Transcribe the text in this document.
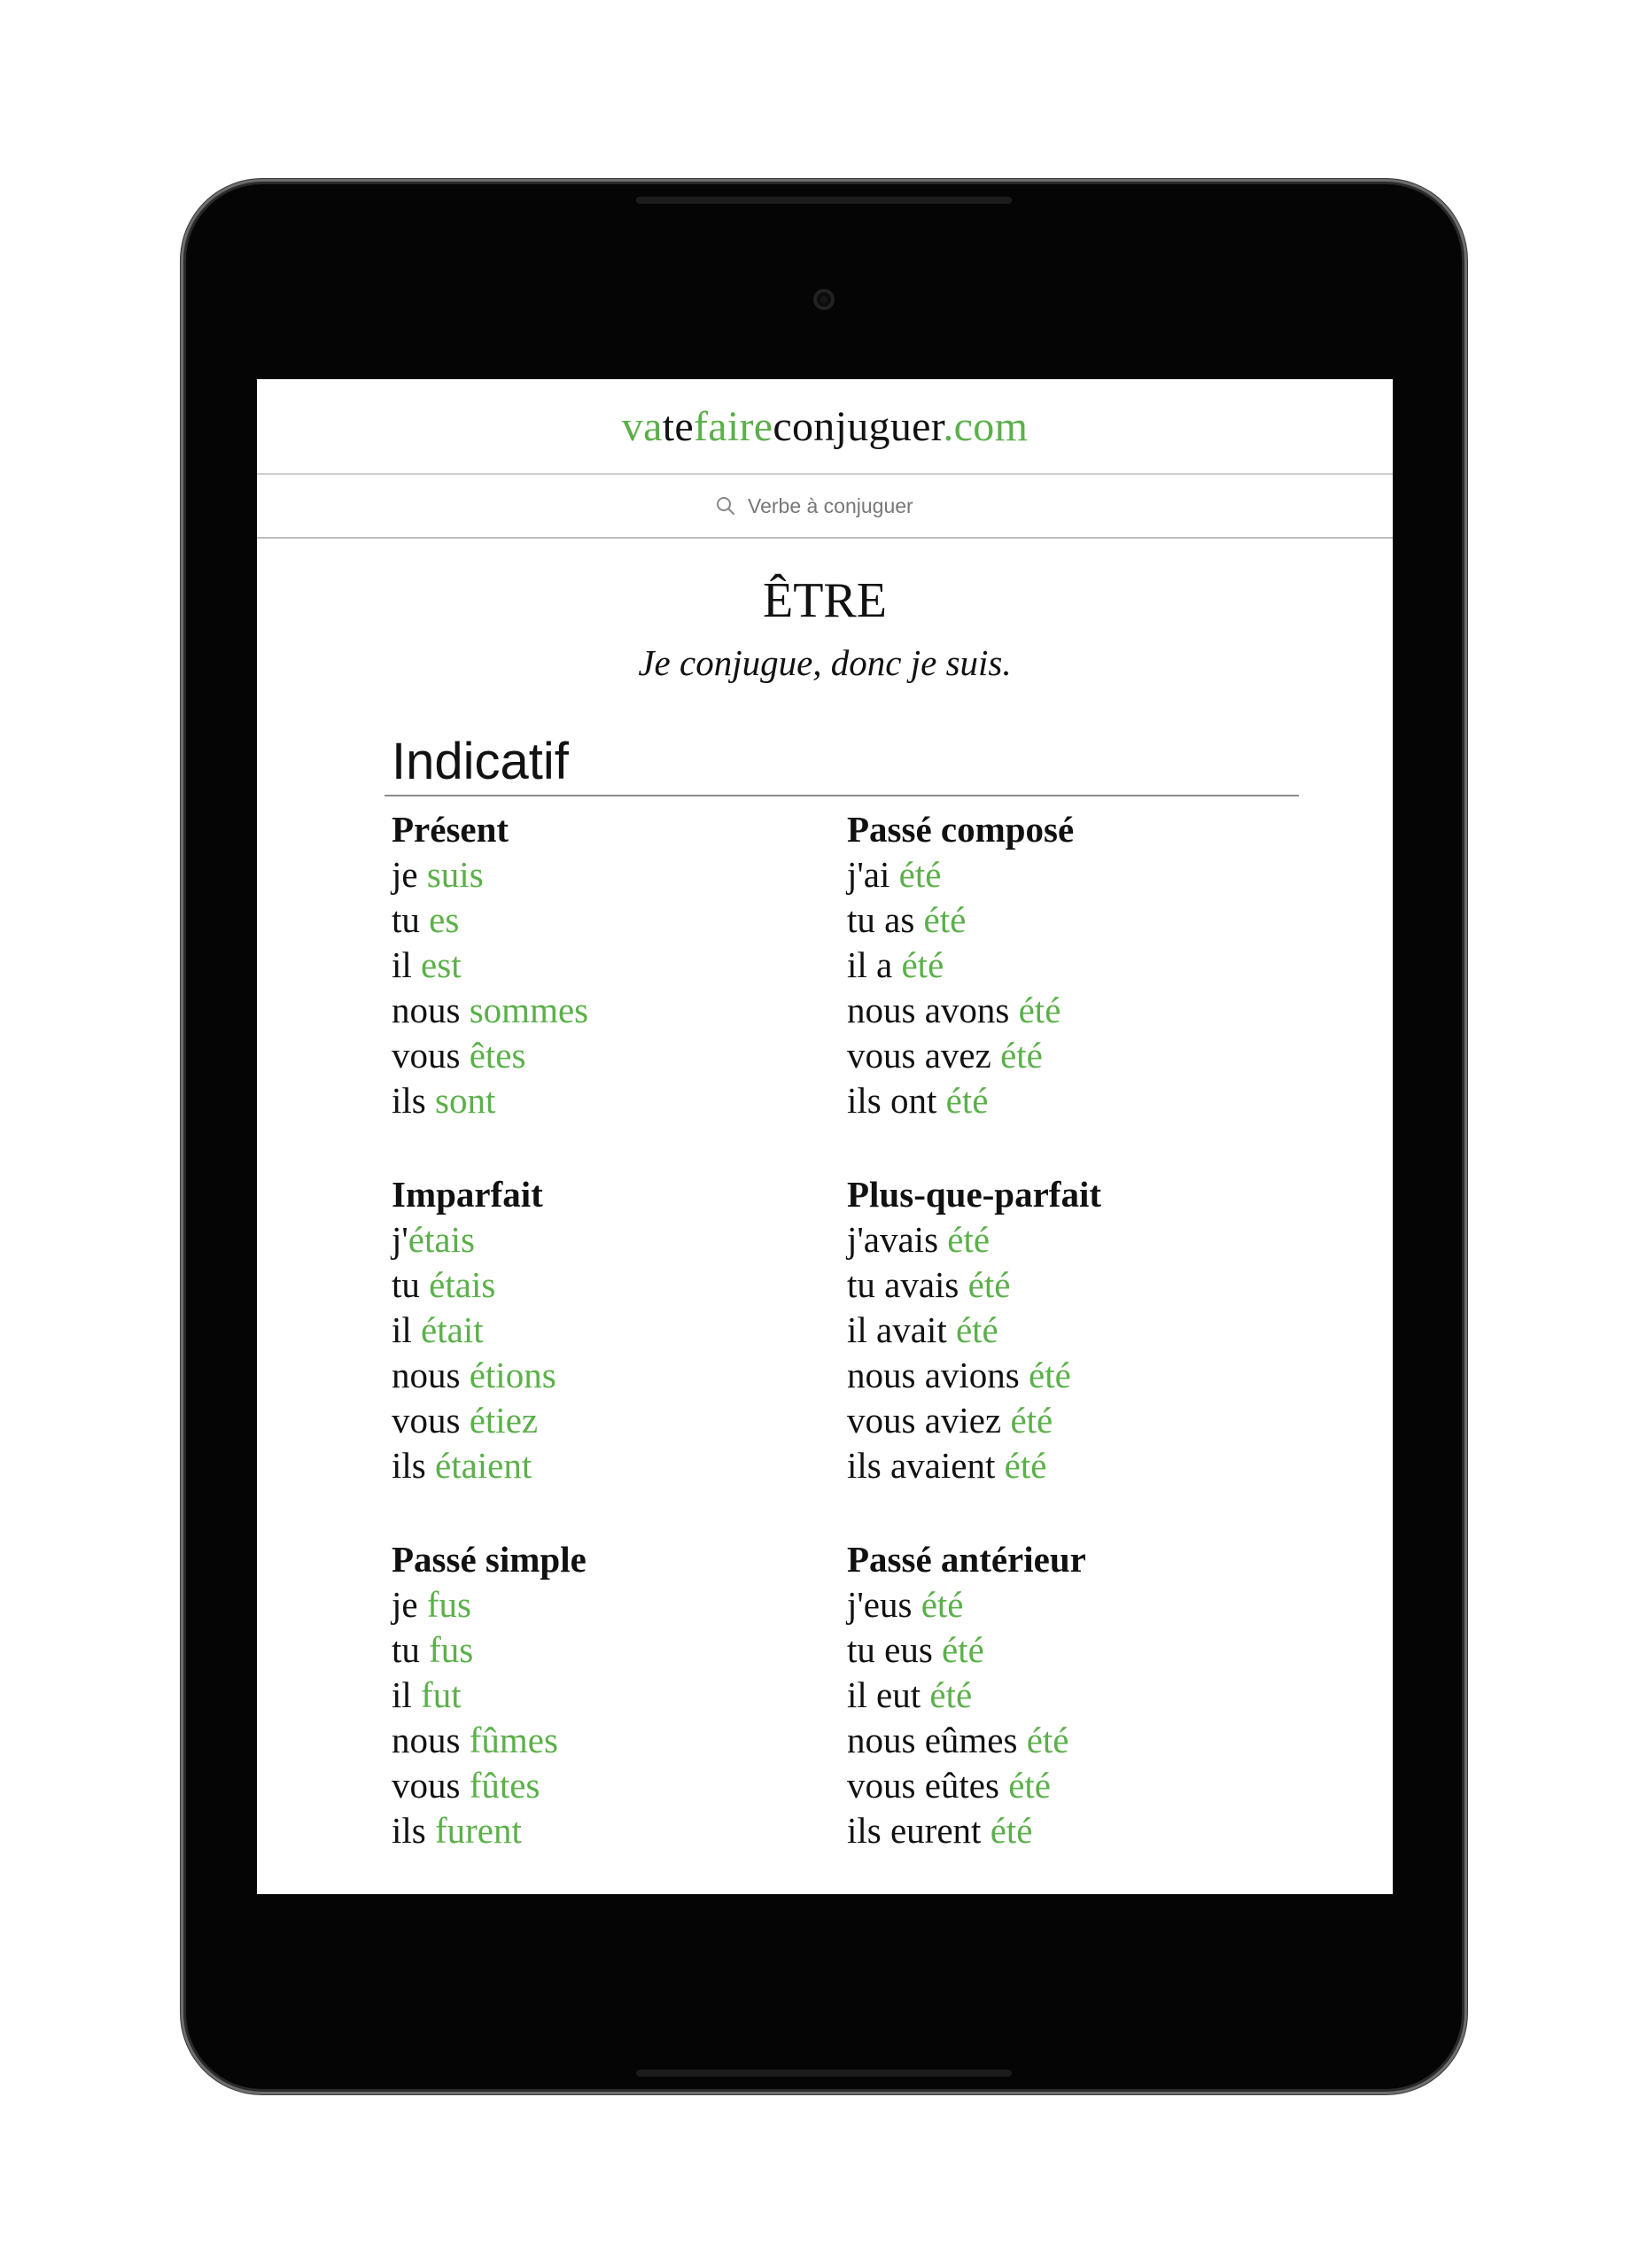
vatefaireconjuguer.com
Verbe à conjuguer
ÊTRE
Je conjugue, donc je suis.
Indicatif
Présent
je suis
tu es
il est
nous sommes
vous êtes
ils sont
Passé composé
j'ai été
tu as été
il a été
nous avons été
vous avez été
ils ont été
Imparfait
j'étais
tu étais
il était
nous étions
vous étiez
ils étaient
Plus-que-parfait
j'avais été
tu avais été
il avait été
nous avions été
vous aviez été
ils avaient été
Passé simple
je fus
tu fus
il fut
nous fûmes
vous fûtes
ils furent
Passé antérieur
j'eus été
tu eus été
il eut été
nous eûmes été
vous eûtes été
ils eurent été
